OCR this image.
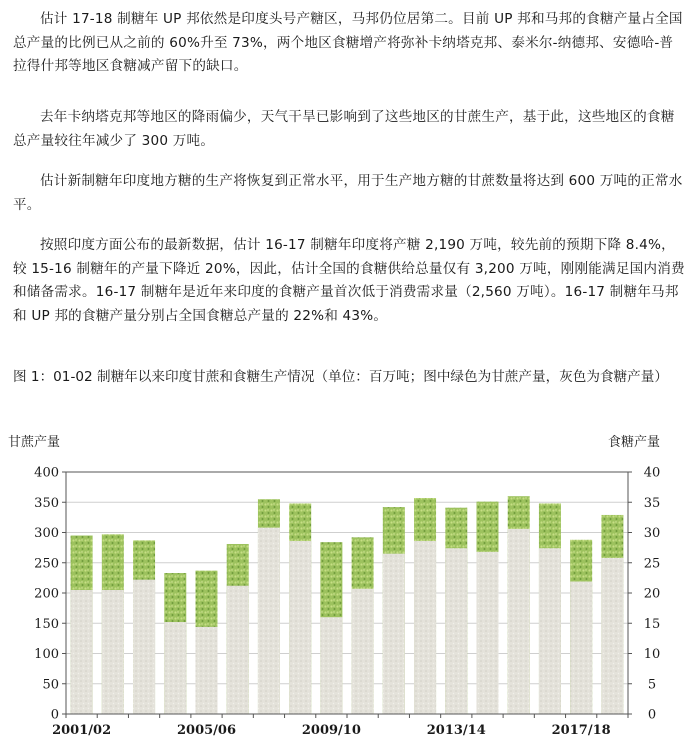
估计 17-18 制糖年 UP 邦依然是印度头号产糖区，马邦仍位居第二。目前 UP 邦和马邦的食糖产量占全国总产量的比例已从之前的 60%升至 73%，两个地区食糖增产将弥补卡纳塔克邦、泰米尔-纳德邦、安德哈-普拉得什邦等地区食糖减产留下的缺口。

去年卡纳塔克邦等地区的降雨偏少，天气干旱已影响到了这些地区的甘蔗生产，基于此，这些地区的食糖总产量较往年减少了 300 万吨。

估计新制糖年印度地方糖的生产将恢复到正常水平，用于生产地方糖的甘蔗数量将达到 600 万吨的正常水平。

按照印度方面公布的最新数据，估计 16-17 制糖年印度将产糖 2,190 万吨，较先前的预期下降 8.4%，较 15-16 制糖年的产量下降近 20%，因此，估计全国的食糖供给总量仅有 3,200 万吨，刚刚能满足国内消费和储备需求。16-17 制糖年是近年来印度的食糖产量首次低于消费需求量（2,560 万吨）。16-17 制糖年马邦和 UP 邦的食糖产量分别占全国食糖总产量的 22%和 43%。

图 1：01-02 制糖年以来印度甘蔗和食糖生产情况（单位：百万吨；图中绿色为甘蔗产量，灰色为食糖产量）

甘蔗产量	食糖产量
400
350
300
250
200
150
100
50
0
40
35
30
25
20
15
10
5
0
2001/02	2005/06	2009/10	2013/14	2017/18
